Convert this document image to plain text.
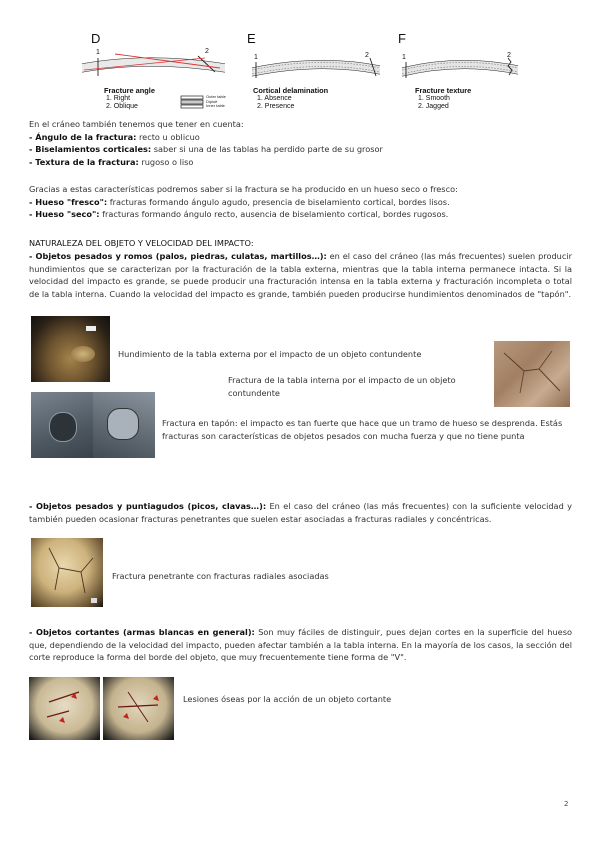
D	E	F
1	2
1	2	1	2
Fracture angle
1. Right
2. Oblique
Outer table
Diploë
Inner table
Cortical delamination
1. Absence
2. Presence
Fracture texture
1. Smooth
2. Jagged
En el cráneo también tenemos que tener en cuenta:
- Ángulo de la fractura: recto u oblicuo
- Biselamientos corticales: saber si una de las tablas ha perdido parte de su grosor
- Textura de la fractura: rugoso o liso
Gracias a estas características podremos saber si la fractura se ha producido en un hueso seco o fresco:
- Hueso "fresco": fracturas formando ángulo agudo, presencia de biselamiento cortical, bordes lisos.
- Hueso "seco": fracturas formando ángulo recto, ausencia de biselamiento cortical, bordes rugosos.
NATURALEZA DEL OBJETO Y VELOCIDAD DEL IMPACTO:
- Objetos pesados y romos (palos, piedras, culatas, martillos…): en el caso del cráneo (las más frecuentes) suelen producir hundimientos que se caracterizan por la fracturación de la tabla externa, mientras que la tabla interna permanece intacta. Si la velocidad del impacto es grande, se puede producir una fracturación intensa en la tabla externa y fracturación incompleta o total de la tabla interna. Cuando la velocidad del impacto es grande, también pueden producirse hundimientos denominados de "tapón".
Hundimiento de la tabla externa por el impacto de un objeto contundente
Fractura de la tabla interna por el impacto de un objeto contundente
Fractura en tapón: el impacto es tan fuerte que hace que un tramo de hueso se desprenda. Estás fracturas son características de objetos pesados con mucha fuerza y que no tiene punta
- Objetos pesados y puntiagudos (picos, clavas…): En el caso del cráneo (las más frecuentes) con la suficiente velocidad y también pueden ocasionar fracturas penetrantes que suelen estar asociadas a fracturas radiales y concéntricas.
Fractura penetrante con fracturas radiales asociadas
- Objetos cortantes (armas blancas en general): Son muy fáciles de distinguir, pues dejan cortes en la superficie del hueso que, dependiendo de la velocidad del impacto, pueden afectar también a la tabla interna. En la mayoría de los casos, la sección del corte reproduce la forma del borde del objeto, que muy frecuentemente tiene forma de "V".
Lesiones óseas por la acción de un objeto cortante
2
